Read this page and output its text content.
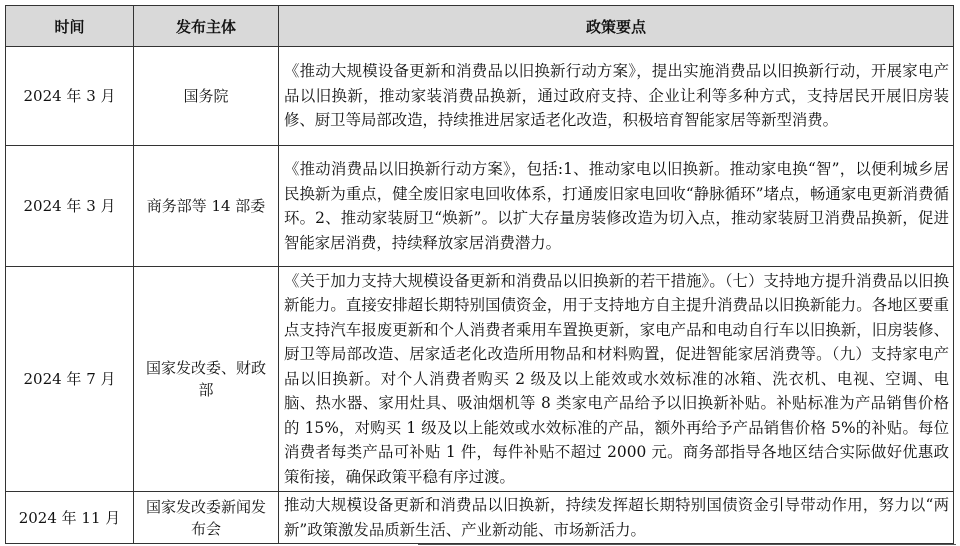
时间	发布主体	政策要点
2024 年 3 月	国务院	《推动大规模设备更新和消费品以旧换新行动方案》，提出实施消费品以旧换新行动，开展家电产品以旧换新，推动家装消费品换新，通过政府支持、企业让利等多种方式，支持居民开展旧房装修、厨卫等局部改造，持续推进居家适老化改造，积极培育智能家居等新型消费。
2024 年 3 月	商务部等 14 部委	《推动消费品以旧换新行动方案》，包括:1、推动家电以旧换新。推动家电换“智”，以便利城乡居民换新为重点，健全废旧家电回收体系，打通废旧家电回收“静脉循环”堵点，畅通家电更新消费循环。2、推动家装厨卫“焕新”。以扩大存量房装修改造为切入点，推动家装厨卫消费品换新，促进智能家居消费，持续释放家居消费潜力。
2024 年 7 月	国家发改委、财政部	《关于加力支持大规模设备更新和消费品以旧换新的若干措施》。（七）支持地方提升消费品以旧换新能力。直接安排超长期特别国债资金，用于支持地方自主提升消费品以旧换新能力。各地区要重点支持汽车报废更新和个人消费者乘用车置换更新，家电产品和电动自行车以旧换新，旧房装修、厨卫等局部改造、居家适老化改造所用物品和材料购置，促进智能家居消费等。（九）支持家电产品以旧换新。对个人消费者购买 2 级及以上能效或水效标准的冰箱、洗衣机、电视、空调、电脑、热水器、家用灶具、吸油烟机等 8 类家电产品给予以旧换新补贴。补贴标准为产品销售价格的 15%，对购买 1 级及以上能效或水效标准的产品，额外再给予产品销售价格 5%的补贴。每位消费者每类产品可补贴 1 件，每件补贴不超过 2000 元。商务部指导各地区结合实际做好优惠政策衔接，确保政策平稳有序过渡。
2024 年 11 月	国家发改委新闻发布会	推动大规模设备更新和消费品以旧换新，持续发挥超长期特别国债资金引导带动作用，努力以“两新”政策激发品质新生活、产业新动能、市场新活力。
